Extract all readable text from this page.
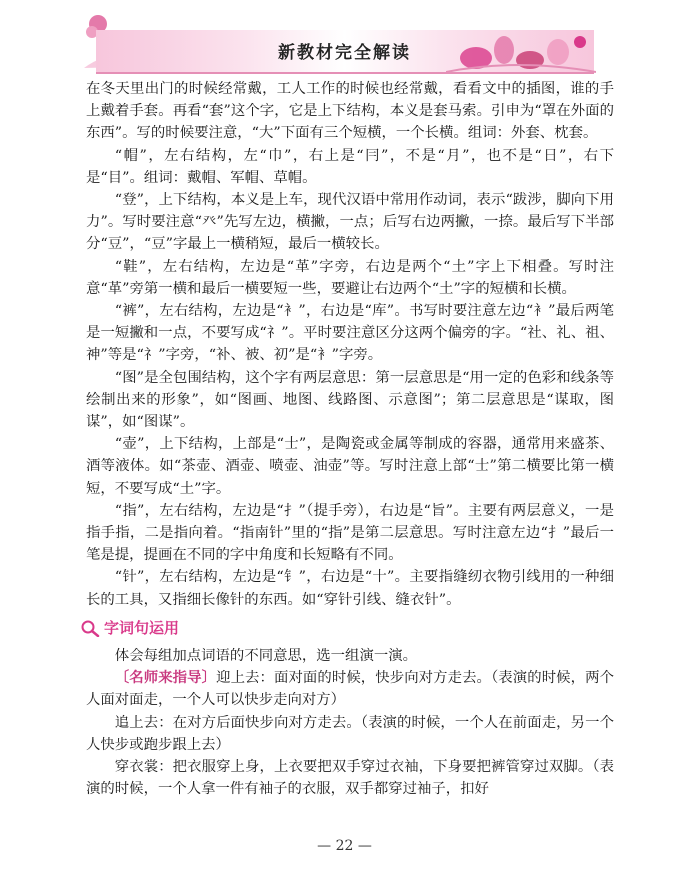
新教材完全解读

在冬天里出门的时候经常戴，工人工作的时候也经常戴，看看文中的插图，谁的手上戴着手套。再看“套”这个字，它是上下结构，本义是套马索。引申为“罩在外面的东西”。写的时候要注意，“大”下面有三个短横，一个长横。组词：外套、枕套。

“帽”，左右结构，左“巾”，右上是“冃”，不是“月”，也不是“日”，右下是“目”。组词：戴帽、军帽、草帽。

“登”，上下结构，本义是上车，现代汉语中常用作动词，表示“跋涉，脚向下用力”。写时要注意“癶”先写左边，横撇，一点；后写右边两撇，一捺。最后写下半部分“豆”，“豆”字最上一横稍短，最后一横较长。

“鞋”，左右结构，左边是“革”字旁，右边是两个“土”字上下相叠。写时注意“革”旁第一横和最后一横要短一些，要避让右边两个“土”字的短横和长横。

“裤”，左右结构，左边是“衤”，右边是“库”。书写时要注意左边“衤”最后两笔是一短撇和一点，不要写成“礻”。平时要注意区分这两个偏旁的字。“社、礼、祖、神”等是“礻”字旁，“补、被、初”是“衤”字旁。

“图”是全包围结构，这个字有两层意思：第一层意思是“用一定的色彩和线条等绘制出来的形象”，如“图画、地图、线路图、示意图”；第二层意思是“谋取，图谋”，如“图谋”。

“壶”，上下结构，上部是“士”，是陶瓷或金属等制成的容器，通常用来盛茶、酒等液体。如“茶壶、酒壶、喷壶、油壶”等。写时注意上部“士”第二横要比第一横短，不要写成“土”字。

“指”，左右结构，左边是“扌”（提手旁），右边是“旨”。主要有两层意义，一是指手指，二是指向着。“指南针”里的“指”是第二层意思。写时注意左边“扌”最后一笔是提，提画在不同的字中角度和长短略有不同。

“针”，左右结构，左边是“钅”，右边是“十”。主要指缝纫衣物引线用的一种细长的工具，又指细长像针的东西。如“穿针引线、缝衣针”。

字词句运用

体会每组加点词语的不同意思，选一组演一演。

〔名师来指导〕迎上去：面对面的时候，快步向对方走去。（表演的时候，两个人面对面走，一个人可以快步走向对方）

追上去：在对方后面快步向对方走去。（表演的时候，一个人在前面走，另一个人快步或跑步跟上去）

穿衣裳：把衣服穿上身，上衣要把双手穿过衣袖，下身要把裤管穿过双脚。（表演的时候，一个人拿一件有袖子的衣服，双手都穿过袖子，扣好

— 22 —
